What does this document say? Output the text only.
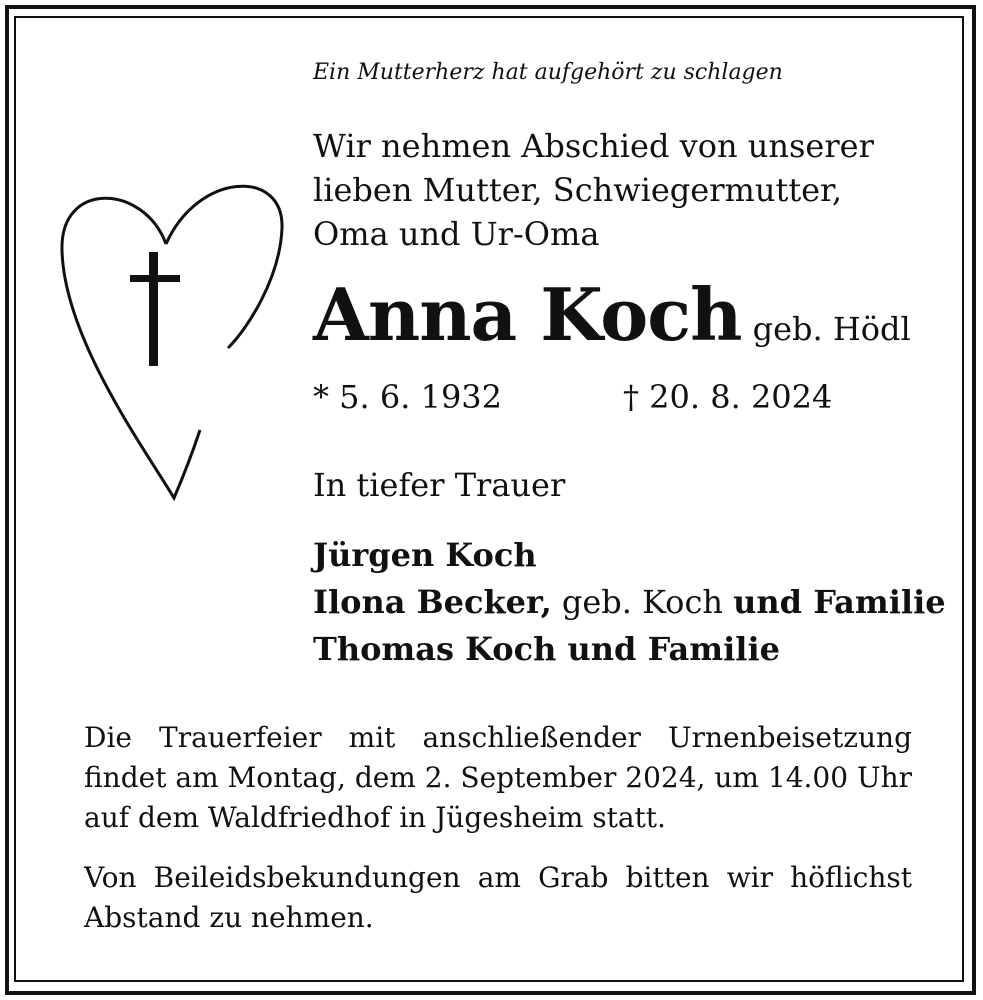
Ein Mutterherz hat aufgehört zu schlagen

Wir nehmen Abschied von unserer
lieben Mutter, Schwiegermutter,
Oma und Ur-Oma

Anna Koch geb. Hödl
* 5. 6. 1932	† 20. 8. 2024
In tiefer Trauer
Jürgen Koch
Ilona Becker, geb. Koch und Familie
Thomas Koch und Familie

Die Trauerfeier mit anschließender Urnenbeisetzung findet am Montag, dem 2. September 2024, um 14.00 Uhr auf dem Waldfriedhof in Jügesheim statt.

Von Beileidsbekundungen am Grab bitten wir höflichst Abstand zu nehmen.
